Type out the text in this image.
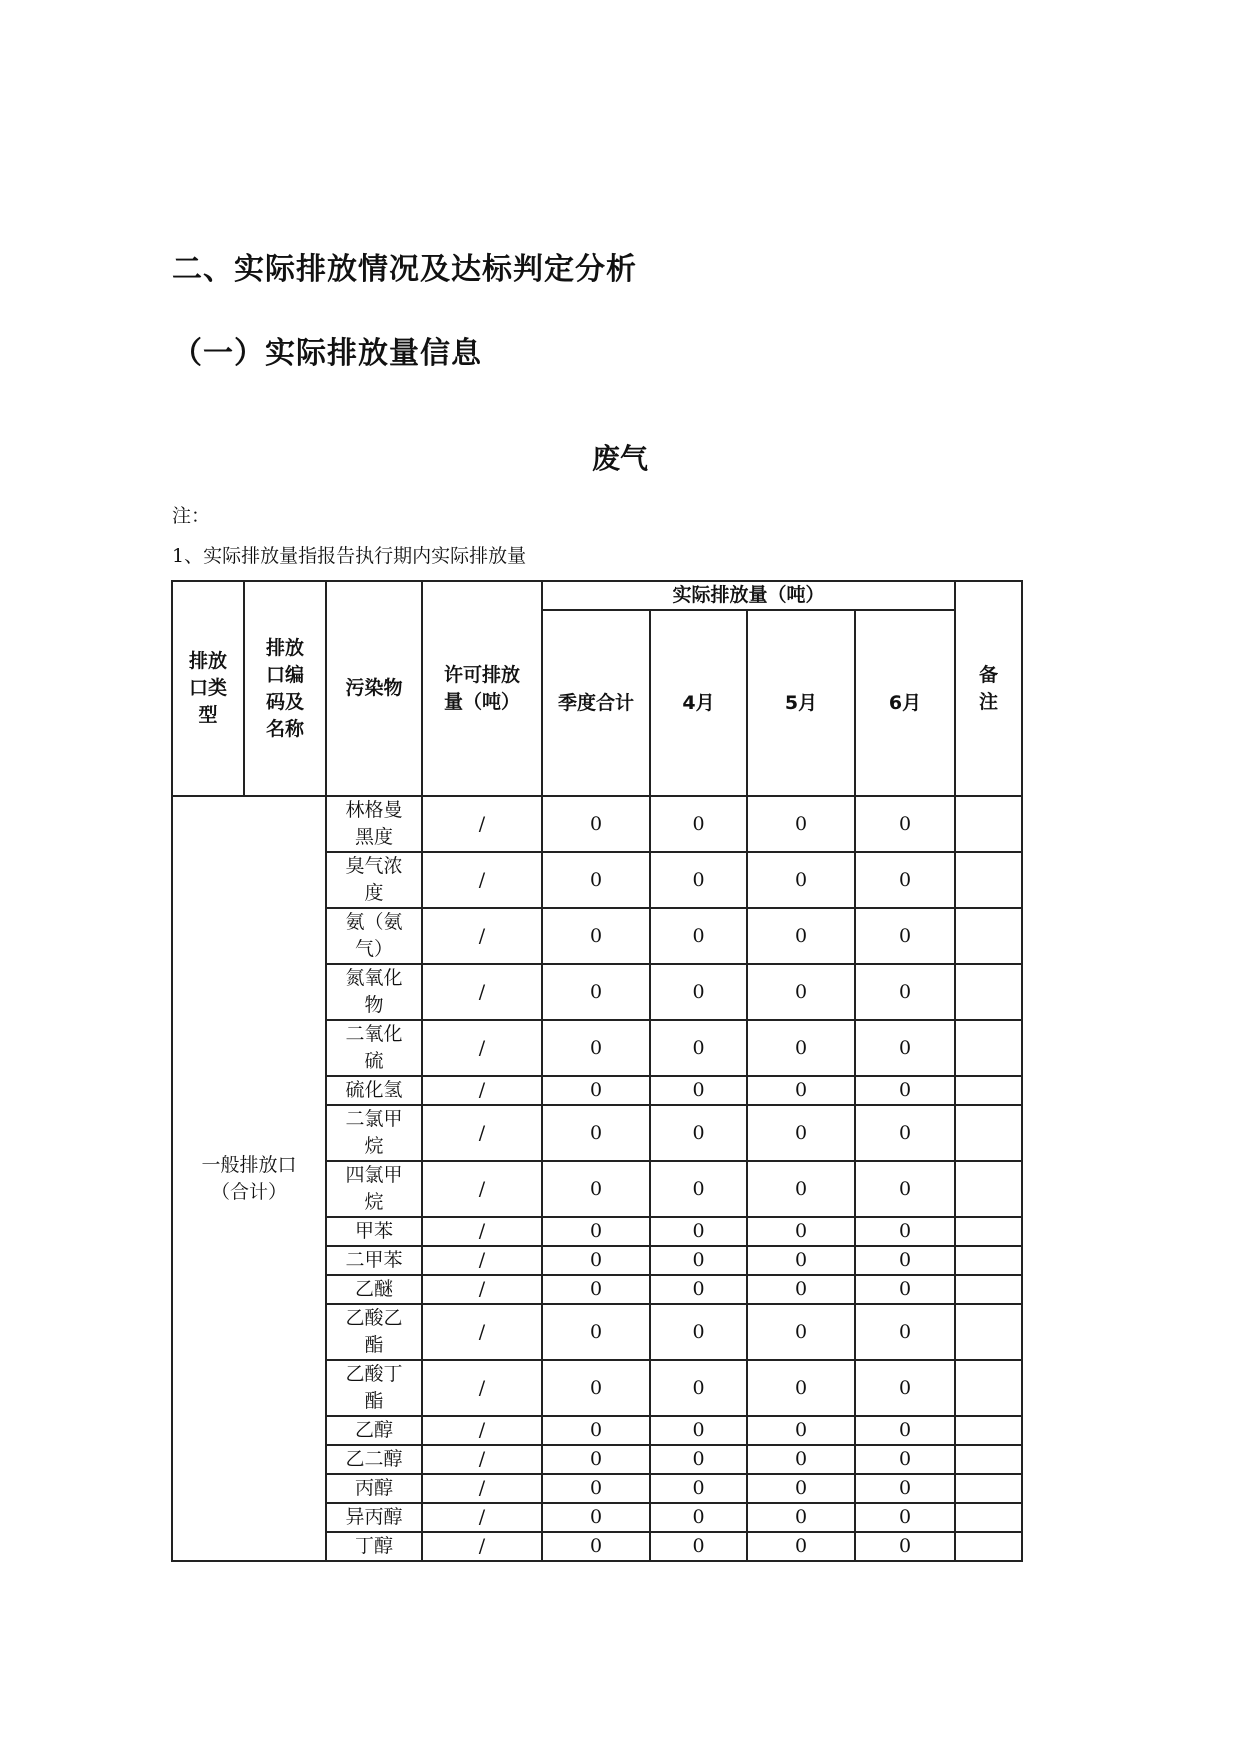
二、实际排放情况及达标判定分析
（一）实际排放量信息
废气
注：
1、实际排放量指报告执行期内实际排放量
排放口类型	排放口编码及名称	污染物	许可排放量（吨）	实际排放量（吨）				备注

				季度合计	4月	5月	6月	

一般排放口（合计）		林格曼黑度	/	0	0	0	0	

		臭气浓度	/	0	0	0	0	

		氨（氨气）	/	0	0	0	0	

		氮氧化物	/	0	0	0	0	

		二氧化硫	/	0	0	0	0	
		硫化氢	/	0	0	0	0	

		二氯甲烷	/	0	0	0	0	

		四氯甲烷	/	0	0	0	0	
		甲苯	/	0	0	0	0	
		二甲苯	/	0	0	0	0	
		乙醚	/	0	0	0	0	

		乙酸乙酯	/	0	0	0	0	

		乙酸丁酯	/	0	0	0	0	
		乙醇	/	0	0	0	0	
		乙二醇	/	0	0	0	0	
		丙醇	/	0	0	0	0	
		异丙醇	/	0	0	0	0	
		丁醇	/	0	0	0	0	
